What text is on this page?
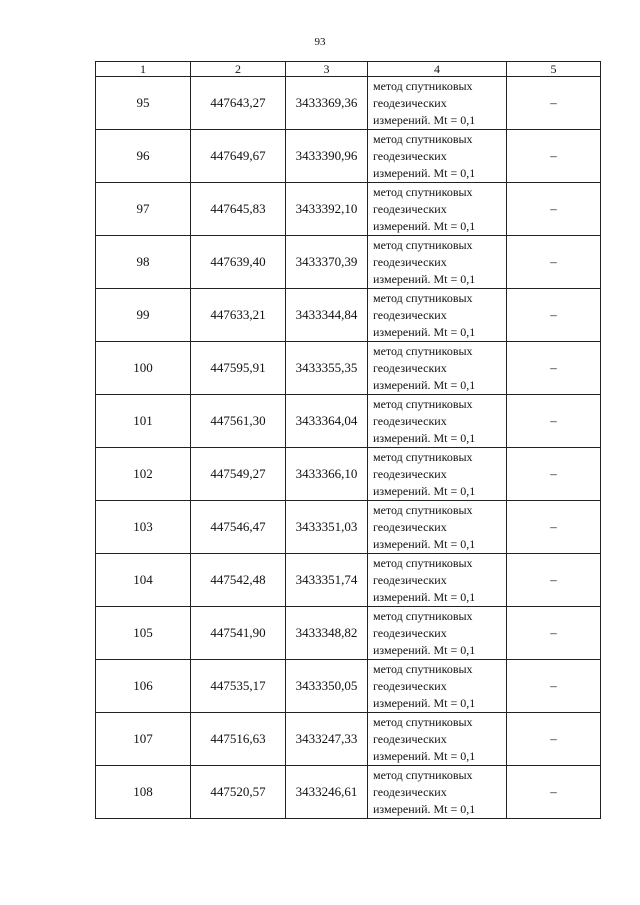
93
1	2	3	4	5
95	447643,27	3433369,36	метод спутниковых
геодезических
измерений. Mt = 0,1	–
96	447649,67	3433390,96	метод спутниковых
геодезических
измерений. Mt = 0,1	–
97	447645,83	3433392,10	метод спутниковых
геодезических
измерений. Mt = 0,1	–
98	447639,40	3433370,39	метод спутниковых
геодезических
измерений. Mt = 0,1	–
99	447633,21	3433344,84	метод спутниковых
геодезических
измерений. Mt = 0,1	–
100	447595,91	3433355,35	метод спутниковых
геодезических
измерений. Mt = 0,1	–
101	447561,30	3433364,04	метод спутниковых
геодезических
измерений. Mt = 0,1	–
102	447549,27	3433366,10	метод спутниковых
геодезических
измерений. Mt = 0,1	–
103	447546,47	3433351,03	метод спутниковых
геодезических
измерений. Mt = 0,1	–
104	447542,48	3433351,74	метод спутниковых
геодезических
измерений. Mt = 0,1	–
105	447541,90	3433348,82	метод спутниковых
геодезических
измерений. Mt = 0,1	–
106	447535,17	3433350,05	метод спутниковых
геодезических
измерений. Mt = 0,1	–
107	447516,63	3433247,33	метод спутниковых
геодезических
измерений. Mt = 0,1	–
108	447520,57	3433246,61	метод спутниковых
геодезических
измерений. Mt = 0,1	–
